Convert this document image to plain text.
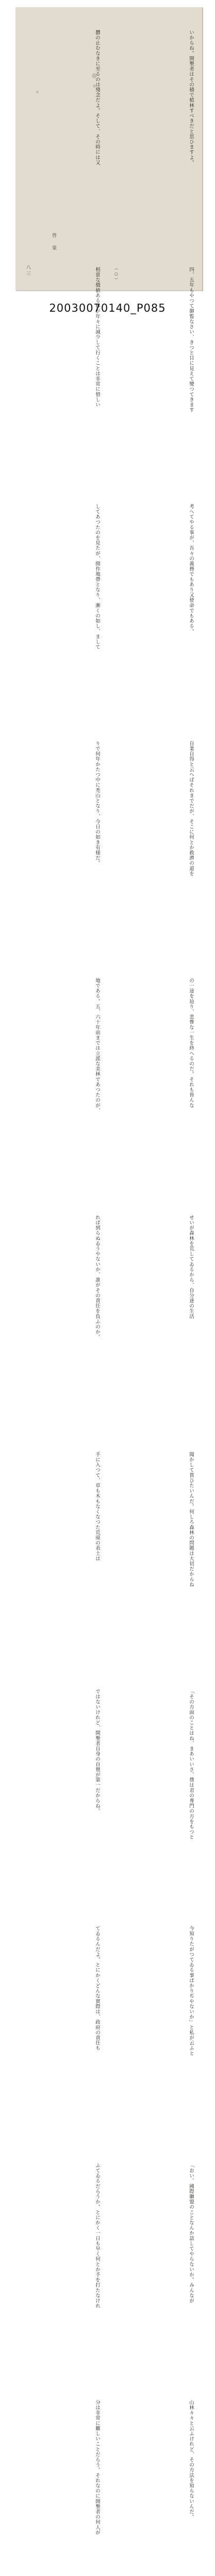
山林々々と云ふけれど、その方法を知らないんだ。
「おい、國際聯盟のことなんか話してやらないか。みんなが
今知りたがつてゐる事ばかりぢやないか」と私が云ふと
「その方面のことはね、まあいいさ、僕は君の專門の方をもつと
聞かして貰ひたいんだ。何しろ森林の問題は大切だからね
せいが森林を荒してゐるから、自分達の生活
の一途を辿り、悲慘な一生を終へるのだ。それも皆んな
自業自得と云へばそれまでだが、そこに何とか救濟の道を
考へてやる事が、吾々の義務でもあり又使命でもある。
四、五年もやつて御覧なさい、きつと目に見えて變つてきます
いからね。開墾者はその積で植林すべきだと思ひますよ。
分は非常に難しいことだらう。それなのに開墾者の何人が
ふてゐるだらうか。とにかく一日も早く何とか手を打たなけれ
てゐるんだよ。とにかくどんな實際は、政府の責任も
ではないけれど、開墾者自身の自覺が第一だからね。
手に入つて、草も木もなくなつた荒廃の表土は
れば到らぬゐうやないか、誰がその責任を負ふのか。
地である。五、六十年前までは立派な美林であつたのが、
りで何年かたつ中に禿山となり、今日の如き有様だ。
してあつたのを見たが、開作地帶となり、漸くの如し、まして
相當な價値ある林が年々に減少して行くことは非常に惜しい
欝の止むなきに至るのは殘念だよ。そして、その時には又
啓　蒙
八三	（○）
20030070140_P085
